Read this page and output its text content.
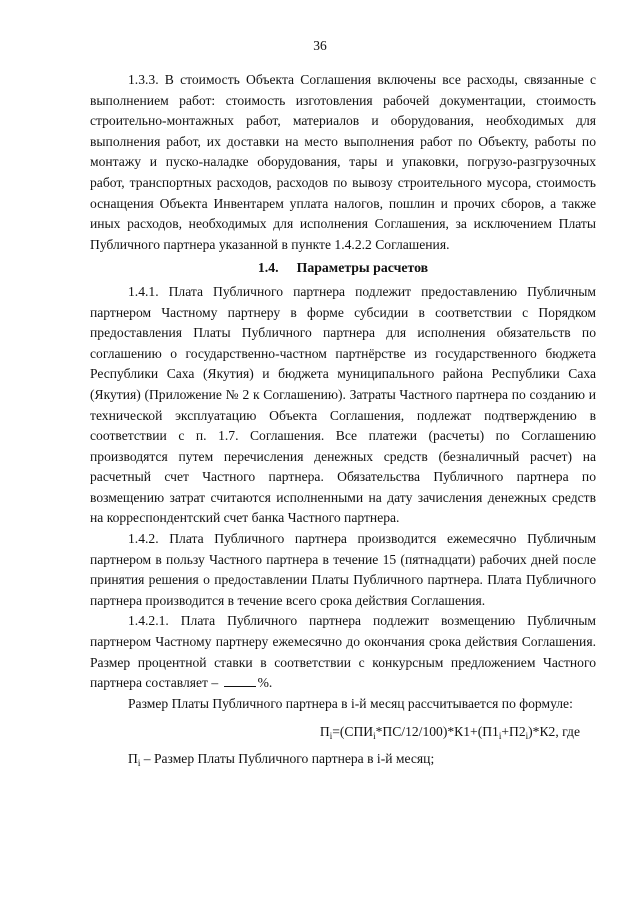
36

1.3.3. В стоимость Объекта Соглашения включены все расходы, связанные с выполнением работ: стоимость изготовления рабочей документации, стоимость строительно-монтажных работ, материалов и оборудования, необходимых для выполнения работ, их доставки на место выполнения работ по Объекту, работы по монтажу и пуско-наладке оборудования, тары и упаковки, погрузо-разгрузочных работ, транспортных расходов, расходов по вывозу строительного мусора, стоимость оснащения Объекта Инвентарем уплата налогов, пошлин и прочих сборов, а также иных расходов, необходимых для исполнения Соглашения, за исключением Платы Публичного партнера указанной в пункте 1.4.2.2 Соглашения.

1.4. Параметры расчетов

1.4.1. Плата Публичного партнера подлежит предоставлению Публичным партнером Частному партнеру в форме субсидии в соответствии с Порядком предоставления Платы Публичного партнера для исполнения обязательств по соглашению о государственно-частном партнёрстве из государственного бюджета Республики Саха (Якутия) и бюджета муниципального района Республики Саха (Якутия) (Приложение № 2 к Соглашению). Затраты Частного партнера по созданию и технической эксплуатацию Объекта Соглашения, подлежат подтверждению в соответствии с п. 1.7. Соглашения. Все платежи (расчеты) по Соглашению производятся путем перечисления денежных средств (безналичный расчет) на расчетный счет Частного партнера. Обязательства Публичного партнера по возмещению затрат считаются исполненными на дату зачисления денежных средств на корреспондентский счет банка Частного партнера.

1.4.2. Плата Публичного партнера производится ежемесячно Публичным партнером в пользу Частного партнера в течение 15 (пятнадцати) рабочих дней после принятия решения о предоставлении Платы Публичного партнера. Плата Публичного партнера производится в течение всего срока действия Соглашения.

1.4.2.1. Плата Публичного партнера подлежит возмещению Публичным партнером Частному партнеру ежемесячно до окончания срока действия Соглашения. Размер процентной ставки в соответствии с конкурсным предложением Частного партнера составляет –	%.

Размер Платы Публичного партнера в i-й месяц рассчитывается по формуле:

$П_i=(СПИ_i*ПС/12/100)*К1+(П1_i+П2_i)*К2$, где

$П_i$ – Размер Платы Публичного партнера в i-й месяц;
